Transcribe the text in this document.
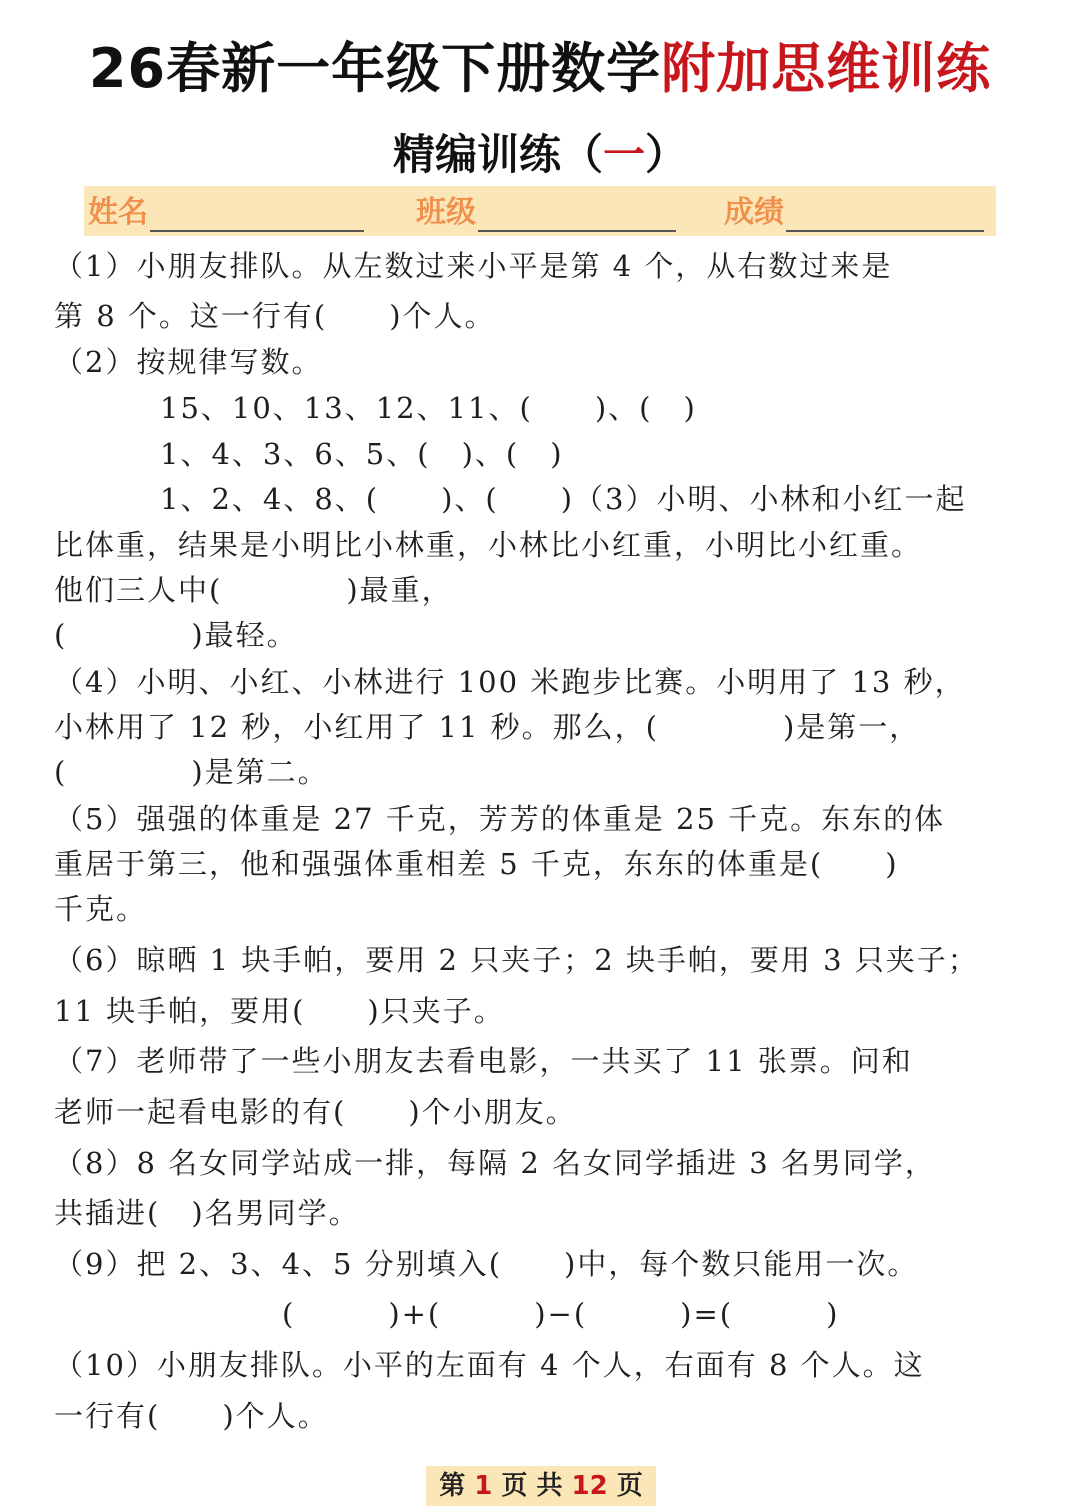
26春新一年级下册数学附加思维训练
精编训练（一）
姓名	班级	成绩
（1）小朋友排队。从左数过来小平是第 4 个，从右数过来是
第 8 个。这一行有(　　)个人。
（2）按规律写数。
15、10、13、12、11、(　　)、(　)
1、4、3、6、5、(　)、(　)
1、2、4、8、(　　)、(　　)（3）小明、小林和小红一起
比体重，结果是小明比小林重，小林比小红重，小明比小红重。
他们三人中(　　　　)最重，
(　　　　)最轻。
（4）小明、小红、小林进行 100 米跑步比赛。小明用了 13 秒，
小林用了 12 秒，小红用了 11 秒。那么，(　　　　)是第一，
(　　　　)是第二。
（5）强强的体重是 27 千克，芳芳的体重是 25 千克。东东的体
重居于第三，他和强强体重相差 5 千克，东东的体重是(　　)
千克。
（6）晾晒 1 块手帕，要用 2 只夹子；2 块手帕，要用 3 只夹子；
11 块手帕，要用(　　)只夹子。
（7）老师带了一些小朋友去看电影，一共买了 11 张票。问和
老师一起看电影的有(　　)个小朋友。
（8）8 名女同学站成一排，每隔 2 名女同学插进 3 名男同学，
共插进(　)名男同学。
（9）把 2、3、4、5 分别填入(　　)中，每个数只能用一次。
(　　　)+(　　　)−(　　　)=(　　　)
（10）小朋友排队。小平的左面有 4 个人，右面有 8 个人。这
一行有(　　)个人。
第 1 页 共 12 页
